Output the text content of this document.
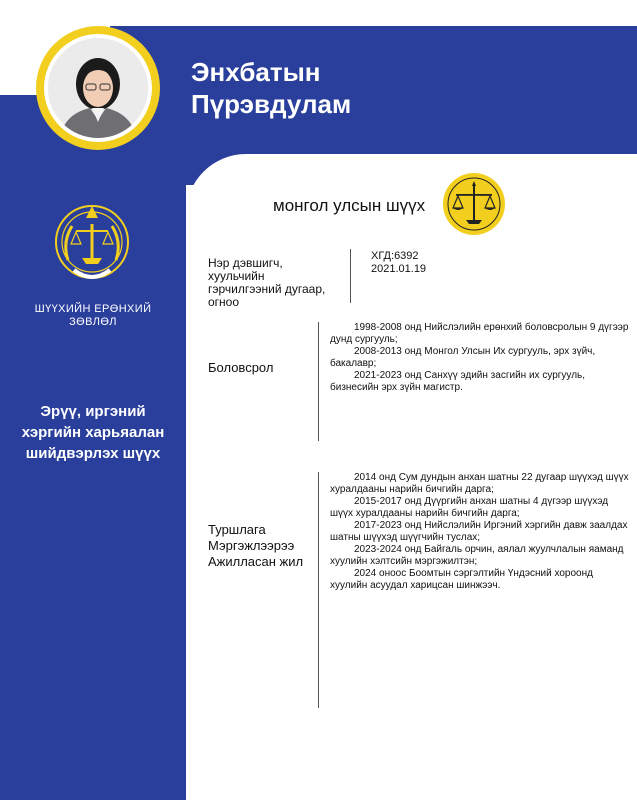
Энхбатын
Пүрэвдулам
ШҮҮХИЙН ЕРӨНХИЙ
ЗӨВЛӨЛ
Эрүү, иргэний
хэргийн харьяалан
шийдвэрлэх шүүх
монгол улсын шүүх
Нэр дэвшигч,
хуульчийн
гэрчилгээний дугаар,
огноо
ХГД:6392
2021.01.19
Боловсрол

1998-2008 онд Нийслэлийн ерөнхий боловсролын 9 дүгээр дунд сургууль;

2008-2013 онд Монгол Улсын Их сургууль, эрх зүйч, бакалавр;

2021-2023 онд Санхүү эдийн засгийн их сургууль, бизнесийн эрх зүйн магистр.

Туршлага
Мэргэжлээрээ
Ажилласан жил

2014 онд Сум дундын анхан шатны 22 дугаар шүүхэд шүүх хуралдааны нарийн бичгийн дарга;

2015-2017 онд Дүүргийн анхан шатны 4 дүгээр шүүхэд шүүх хуралдааны нарийн бичгийн дарга;

2017-2023 онд Нийслэлийн Иргэний хэргийн давж заалдах шатны шүүхэд шүүгчийн туслах;

2023-2024 онд Байгаль орчин, аялал жуулчлалын яаманд хуулийн хэлтсийн мэргэжилтэн;

2024 оноос Боомтын сэргэлтийн Үндэсний хороонд хуулийн асуудал харицсан шинжээч.
